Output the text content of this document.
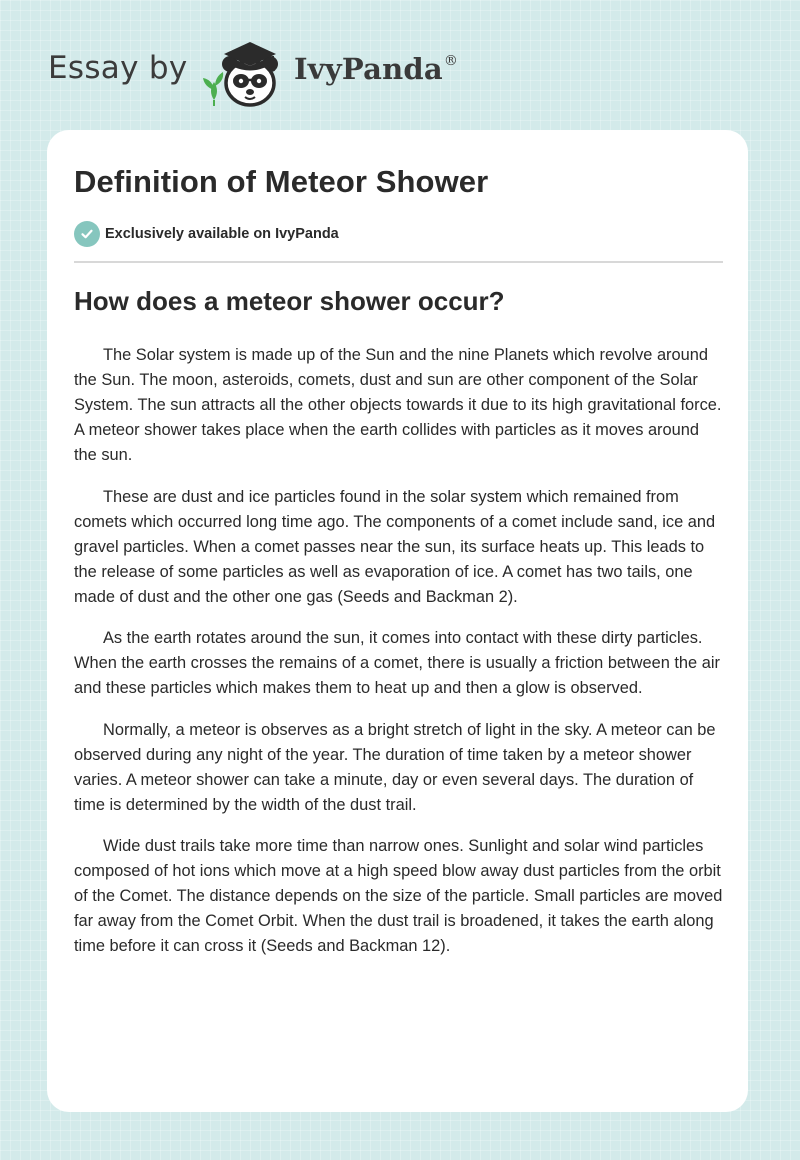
Essay by	IvyPanda®
Definition of Meteor Shower
Exclusively available on IvyPanda
How does a meteor shower occur?

The Solar system is made up of the Sun and the nine Planets which revolve around the Sun. The moon, asteroids, comets, dust and sun are other component of the Solar System. The sun attracts all the other objects towards it due to its high gravitational force. A meteor shower takes place when the earth collides with particles as it moves around the sun.

These are dust and ice particles found in the solar system which remained from comets which occurred long time ago. The components of a comet include sand, ice and gravel particles. When a comet passes near the sun, its surface heats up. This leads to the release of some particles as well as evaporation of ice. A comet has two tails, one made of dust and the other one gas (Seeds and Backman 2).

As the earth rotates around the sun, it comes into contact with these dirty particles. When the earth crosses the remains of a comet, there is usually a friction between the air and these particles which makes them to heat up and then a glow is observed.

Normally, a meteor is observes as a bright stretch of light in the sky. A meteor can be observed during any night of the year. The duration of time taken by a meteor shower varies. A meteor shower can take a minute, day or even several days. The duration of time is determined by the width of the dust trail.

Wide dust trails take more time than narrow ones. Sunlight and solar wind particles composed of hot ions which move at a high speed blow away dust particles from the orbit of the Comet. The distance depends on the size of the particle. Small particles are moved far away from the Comet Orbit. When the dust trail is broadened, it takes the earth along time before it can cross it (Seeds and Backman 12).
